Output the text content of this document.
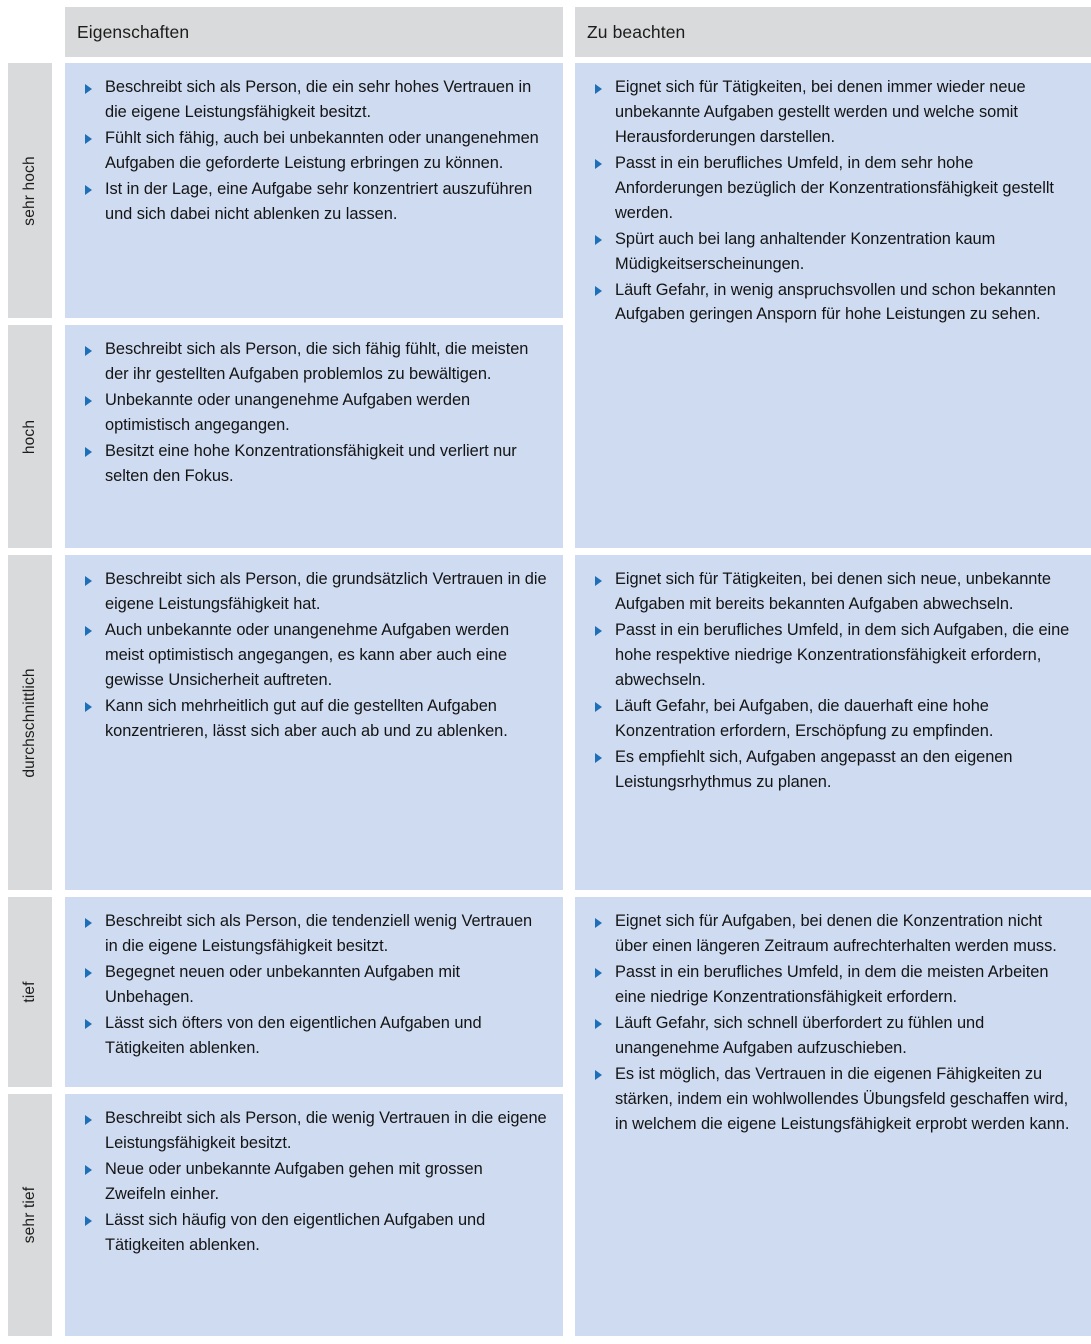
Eigenschaften	Zu beachten
sehr hoch
hoch
durchschnittlich
tief
sehr tief
Beschreibt sich als Person, die ein sehr hohes Vertrauen in die eigene Leistungsfähigkeit besitzt.
Fühlt sich fähig, auch bei unbekannten oder unangenehmen Aufgaben die geforderte Leistung erbringen zu können.
Ist in der Lage, eine Aufgabe sehr konzentriert auszuführen und sich dabei nicht ablenken zu lassen.
Beschreibt sich als Person, die sich fähig fühlt, die meisten der ihr gestellten Aufgaben problemlos zu bewältigen.
Unbekannte oder unangenehme Aufgaben werden optimistisch angegangen.
Besitzt eine hohe Konzentrationsfähigkeit und verliert nur selten den Fokus.
Beschreibt sich als Person, die grundsätzlich Vertrauen in die eigene Leistungsfähigkeit hat.
Auch unbekannte oder unangenehme Aufgaben werden meist optimistisch angegangen, es kann aber auch eine gewisse Unsicherheit auftreten.
Kann sich mehrheitlich gut auf die gestellten Aufgaben konzentrieren, lässt sich aber auch ab und zu ablenken.
Beschreibt sich als Person, die tendenziell wenig Vertrauen in die eigene Leistungsfähigkeit besitzt.
Begegnet neuen oder unbekannten Aufgaben mit Unbehagen.
Lässt sich öfters von den eigentlichen Aufgaben und Tätigkeiten ablenken.
Beschreibt sich als Person, die wenig Vertrauen in die eigene Leistungsfähigkeit besitzt.
Neue oder unbekannte Aufgaben gehen mit grossen Zweifeln einher.
Lässt sich häufig von den eigentlichen Aufgaben und Tätigkeiten ablenken.
Eignet sich für Tätigkeiten, bei denen immer wieder neue unbekannte Aufgaben gestellt werden und welche somit Herausforderungen darstellen.
Passt in ein berufliches Umfeld, in dem sehr hohe Anforderungen bezüglich der Konzentrationsfähigkeit gestellt werden.
Spürt auch bei lang anhaltender Konzentration kaum Müdigkeitserscheinungen.
Läuft Gefahr, in wenig anspruchsvollen und schon bekannten Aufgaben geringen Ansporn für hohe Leistungen zu sehen.
Eignet sich für Tätigkeiten, bei denen sich neue, unbekannte Aufgaben mit bereits bekannten Aufgaben abwechseln.
Passt in ein berufliches Umfeld, in dem sich Aufgaben, die eine hohe respektive niedrige Konzentrationsfähigkeit erfordern, abwechseln.
Läuft Gefahr, bei Aufgaben, die dauerhaft eine hohe Konzentration erfordern, Erschöpfung zu empfinden.
Es empfiehlt sich, Aufgaben angepasst an den eigenen Leistungsrhythmus zu planen.
Eignet sich für Aufgaben, bei denen die Konzentration nicht über einen längeren Zeitraum aufrechterhalten werden muss.
Passt in ein berufliches Umfeld, in dem die meisten Arbeiten eine niedrige Konzentrationsfähigkeit erfordern.
Läuft Gefahr, sich schnell überfordert zu fühlen und unangenehme Aufgaben aufzuschieben.
Es ist möglich, das Vertrauen in die eigenen Fähigkeiten zu stärken, indem ein wohlwollendes Übungsfeld geschaffen wird, in welchem die eigene Leistungsfähigkeit erprobt werden kann.
